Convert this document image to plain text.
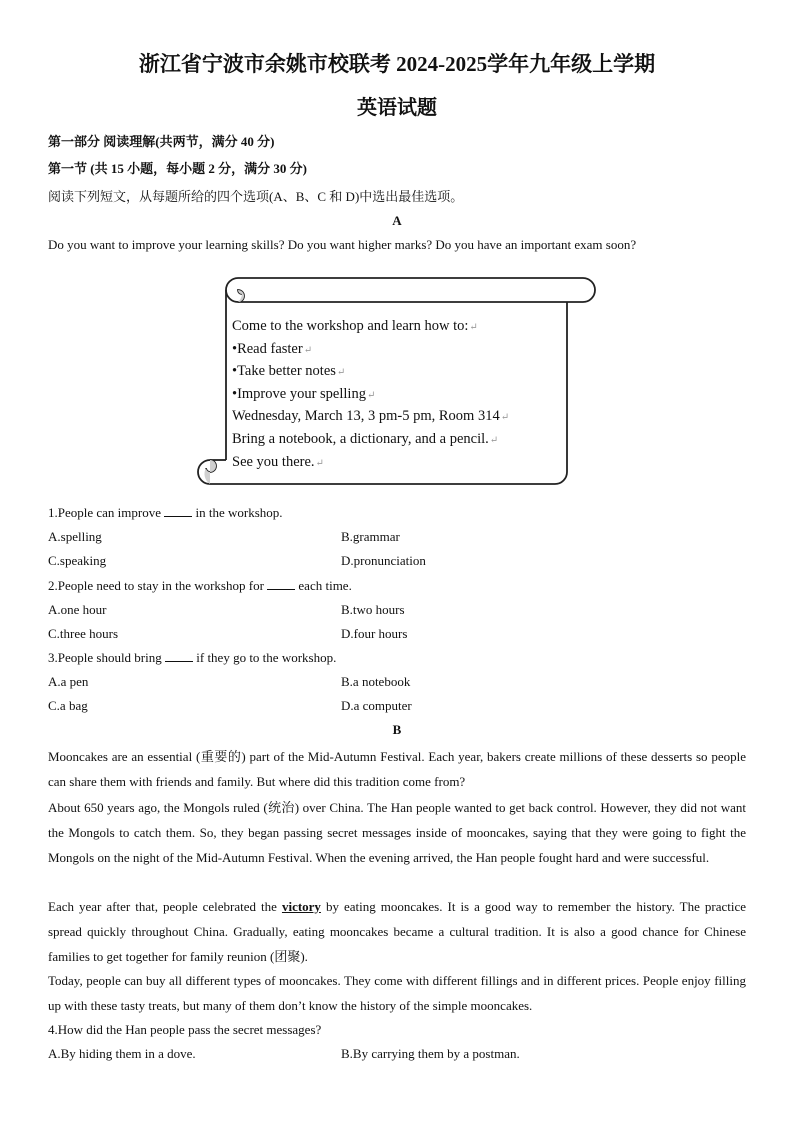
浙江省宁波市余姚市校联考 2024-2025学年九年级上学期
英语试题
第一部分 阅读理解(共两节，满分 40 分)
第一节 (共 15 小题，每小题 2 分，满分 30 分)
阅读下列短文，从每题所给的四个选项(A、B、C 和 D)中选出最佳选项。
A
Do you want to improve your learning skills? Do you want higher marks? Do you have an important exam soon?
Come to the workshop and learn how to:↵
•Read faster↵
•Take better notes↵
•Improve your spelling↵
Wednesday, March 13, 3 pm-5 pm, Room 314↵
Bring a notebook, a dictionary, and a pencil.↵
See you there.↵
1.People can improve  in the workshop.
A.spelling	B.grammar
C.speaking	D.pronunciation
2.People need to stay in the workshop for  each time.
A.one hour	B.two hours
C.three hours	D.four hours
3.People should bring  if they go to the workshop.
A.a pen	B.a notebook
C.a bag	D.a computer
B
Mooncakes are an essential (重要的) part of the Mid-Autumn Festival. Each year, bakers create millions of these desserts so people can share them with friends and family. But where did this tradition come from?
About 650 years ago, the Mongols ruled (统治) over China. The Han people wanted to get back control. However, they did not want the Mongols to catch them. So, they began passing secret messages inside of mooncakes, saying that they were going to fight the Mongols on the night of the Mid-Autumn Festival. When the evening arrived, the Han people fought hard and were successful.
Each year after that, people celebrated the victory by eating mooncakes. It is a good way to remember the history. The practice spread quickly throughout China. Gradually, eating mooncakes became a cultural tradition. It is also a good chance for Chinese families to get together for family reunion (团聚).
Today, people can buy all different types of mooncakes. They come with different fillings and in different prices. People enjoy filling up with these tasty treats, but many of them don’t know the history of the simple mooncakes.
4.How did the Han people pass the secret messages?
A.By hiding them in a dove.	B.By carrying them by a postman.
